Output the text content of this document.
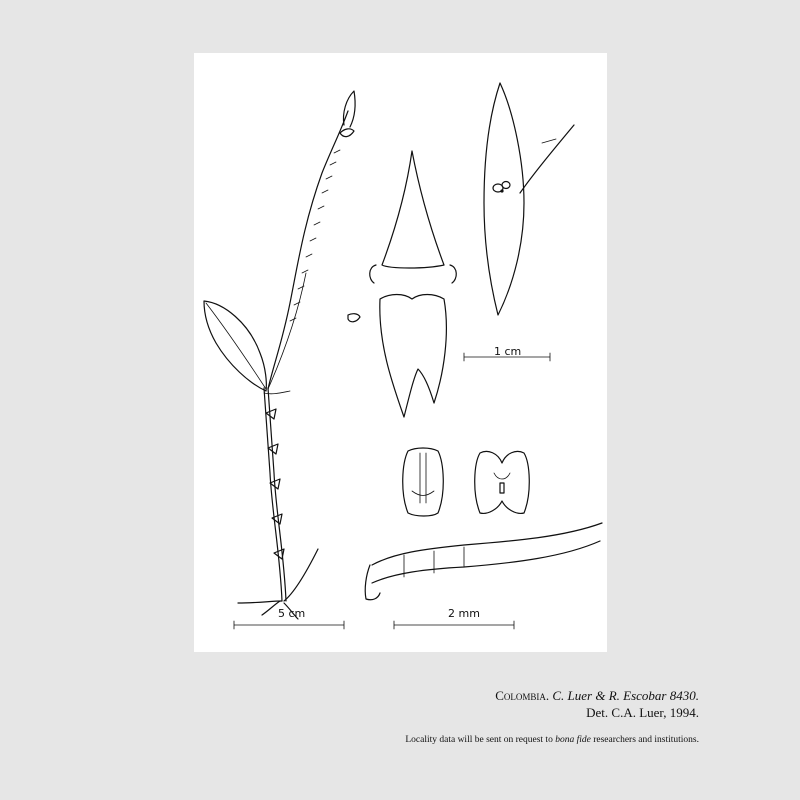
1 cm
5 cm	2 mm
Colombia. C. Luer & R. Escobar 8430.
Det. C.A. Luer, 1994.
Locality data will be sent on request to bona fide researchers and institutions.
